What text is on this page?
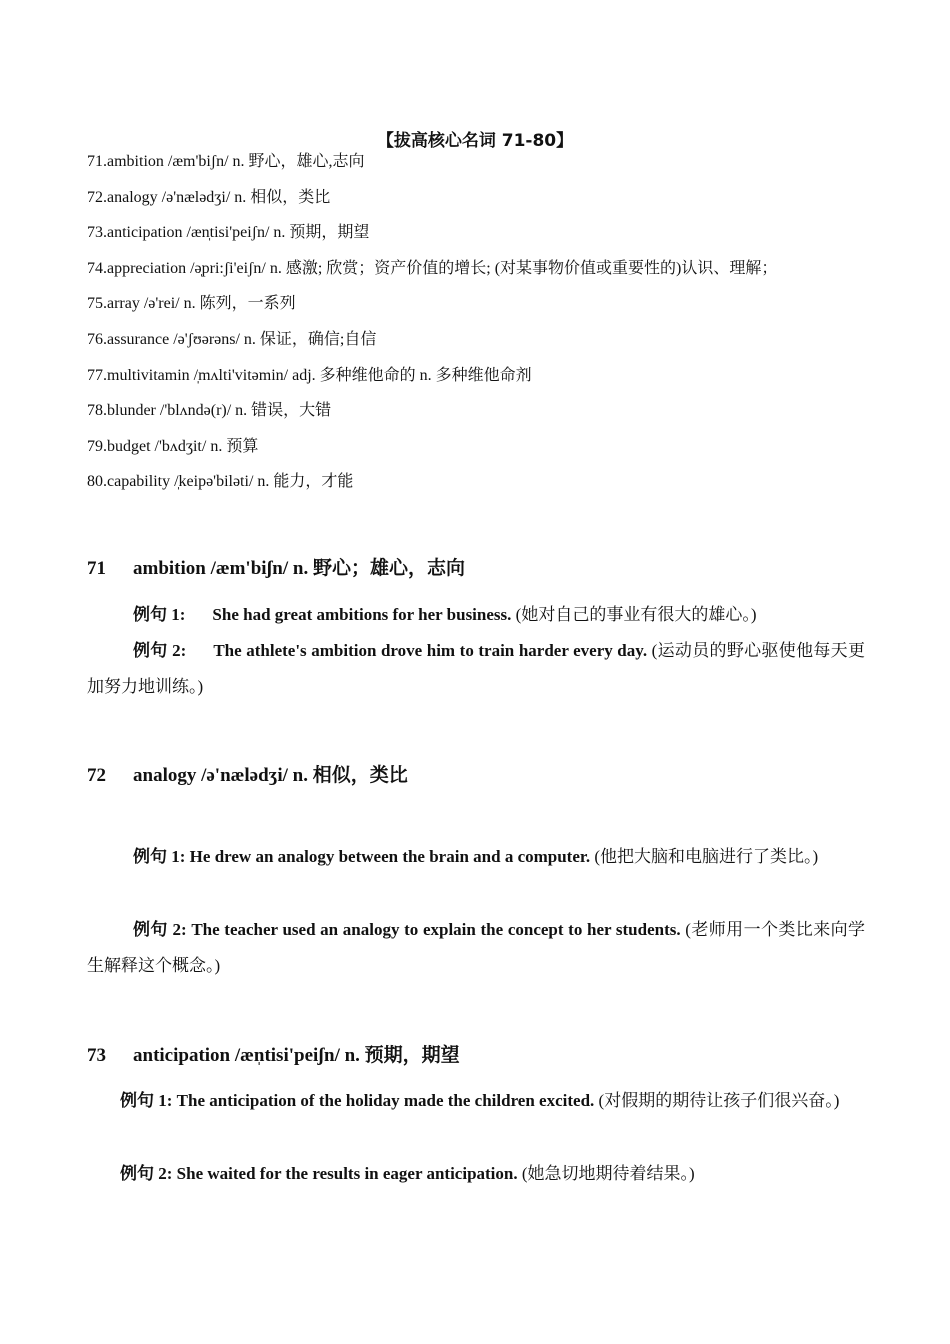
【拔高核心名词 71-80】
71.ambition /æm'biʃn/ n. 野心，雄心,志向
72.analogy /ə'nælədʒi/ n. 相似，类比
73.anticipation /æn̩tisi'peiʃn/ n. 预期，期望
74.appreciation /ə̩pri:ʃi'eiʃn/ n. 感激; 欣赏；资产价值的增长; (对某事物价值或重要性的)认识、理解；
75.array /ə'rei/ n. 陈列，一系列
76.assurance /ə'ʃʊərəns/ n. 保证，确信;自信
77.multivitamin /̩mʌlti'vitəmin/ adj. 多种维他命的 n. 多种维他命剂
78.blunder /'blʌndə(r)/ n. 错误，大错
79.budget /'bʌdʒit/ n. 预算
80.capability /̩keipə'biləti/ n. 能力，才能
71 ambition /æm'biʃn/ n. 野心；雄心，志向
例句 1: She had great ambitions for her business. (她对自己的事业有很大的雄心。)
例句 2: The athlete's ambition drove him to train harder every day. (运动员的野心驱使他每天更加努力地训练。)
72 analogy /ə'nælədʒi/ n. 相似，类比
例句 1: He drew an analogy between the brain and a computer. (他把大脑和电脑进行了类比。)
例句 2: The teacher used an analogy to explain the concept to her students. (老师用一个类比来向学生解释这个概念。)
73 anticipation /æn̩tisi'peiʃn/ n. 预期，期望
例句 1: The anticipation of the holiday made the children excited. (对假期的期待让孩子们很兴奋。)
例句 2: She waited for the results in eager anticipation. (她急切地期待着结果。)
